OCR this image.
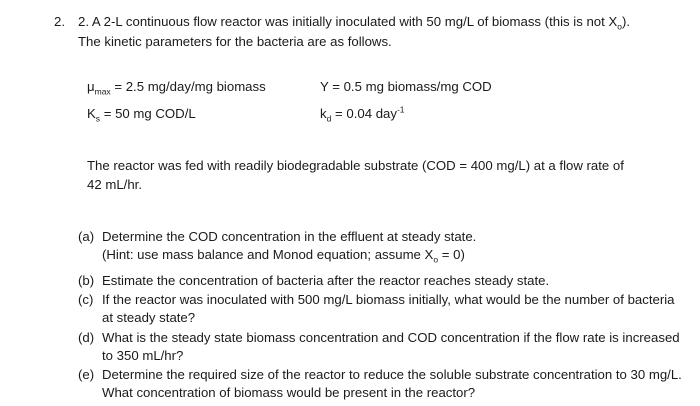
2. 2. A 2-L continuous flow reactor was initially inoculated with 50 mg/L of biomass (this is not $X_o$).
The kinetic parameters for the bacteria are as follows.
$\mu_{max} = 2.5$ mg/day/mg biomass	Y = 0.5 mg biomass/mg COD
$K_s = 50$ mg COD/L	$k_d = 0.04$ day$^{-1}$
The reactor was fed with readily biodegradable substrate (COD = 400 mg/L) at a flow rate of
42 mL/hr.
(a) Determine the COD concentration in the effluent at steady state.
(Hint: use mass balance and Monod equation; assume $X_o = 0$)
(b) Estimate the concentration of bacteria after the reactor reaches steady state.
(c) If the reactor was inoculated with 500 mg/L biomass initially, what would be the number of bacteria at steady state?
(d) What is the steady state biomass concentration and COD concentration if the flow rate is increased to 350 mL/hr?
(e) Determine the required size of the reactor to reduce the soluble substrate concentration to 30 mg/L. What concentration of biomass would be present in the reactor?
